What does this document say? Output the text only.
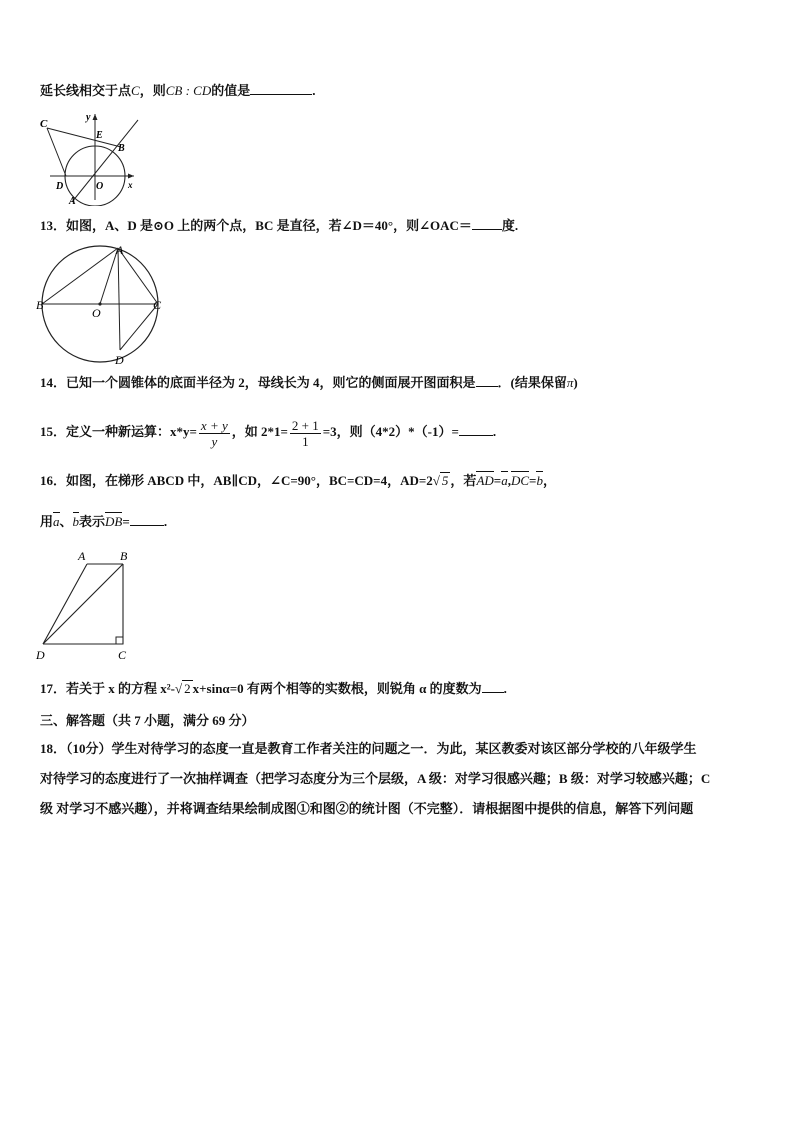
延长线相交于点C，则CB : CD的值是	.
C
y
E
B
D	O	x
A
13．如图，A、D 是⊙O 上的两个点，BC 是直径，若∠D＝40°，则∠OAC＝ 度.
A
B
O
C
D
14．已知一个圆锥体的底面半径为 2，母线长为 4，则它的侧面展开图面积是 ．(结果保留π)
15．定义一种新运算：$x*y= \frac{x + y}{y}$ ，如 $2*1= \frac{2 + 1}{1} =3$，则（4*2）*（-1）=	.
16．如图，在梯形 ABCD 中，AB∥CD，∠C=90°，BC=CD=4，AD=2√ 5 ，若AD=a,DC=b，
用a、b表示DB=	.
A	B
D	C
17．若关于 x 的方程 x²-√ 2 x+sinα=0 有两个相等的实数根，则锐角 α 的度数为 .
三、解答题（共 7 小题，满分 69 分）
18．（10分）学生对待学习的态度一直是教育工作者关注的问题之一．为此，某区教委对该区部分学校的八年级学生
对待学习的态度进行了一次抽样调查（把学习态度分为三个层级，A 级：对学习很感兴趣；B 级：对学习较感兴趣；C
级 对学习不感兴趣），并将调查结果绘制成图①和图②的统计图（不完整）．请根据图中提供的信息，解答下列问题
